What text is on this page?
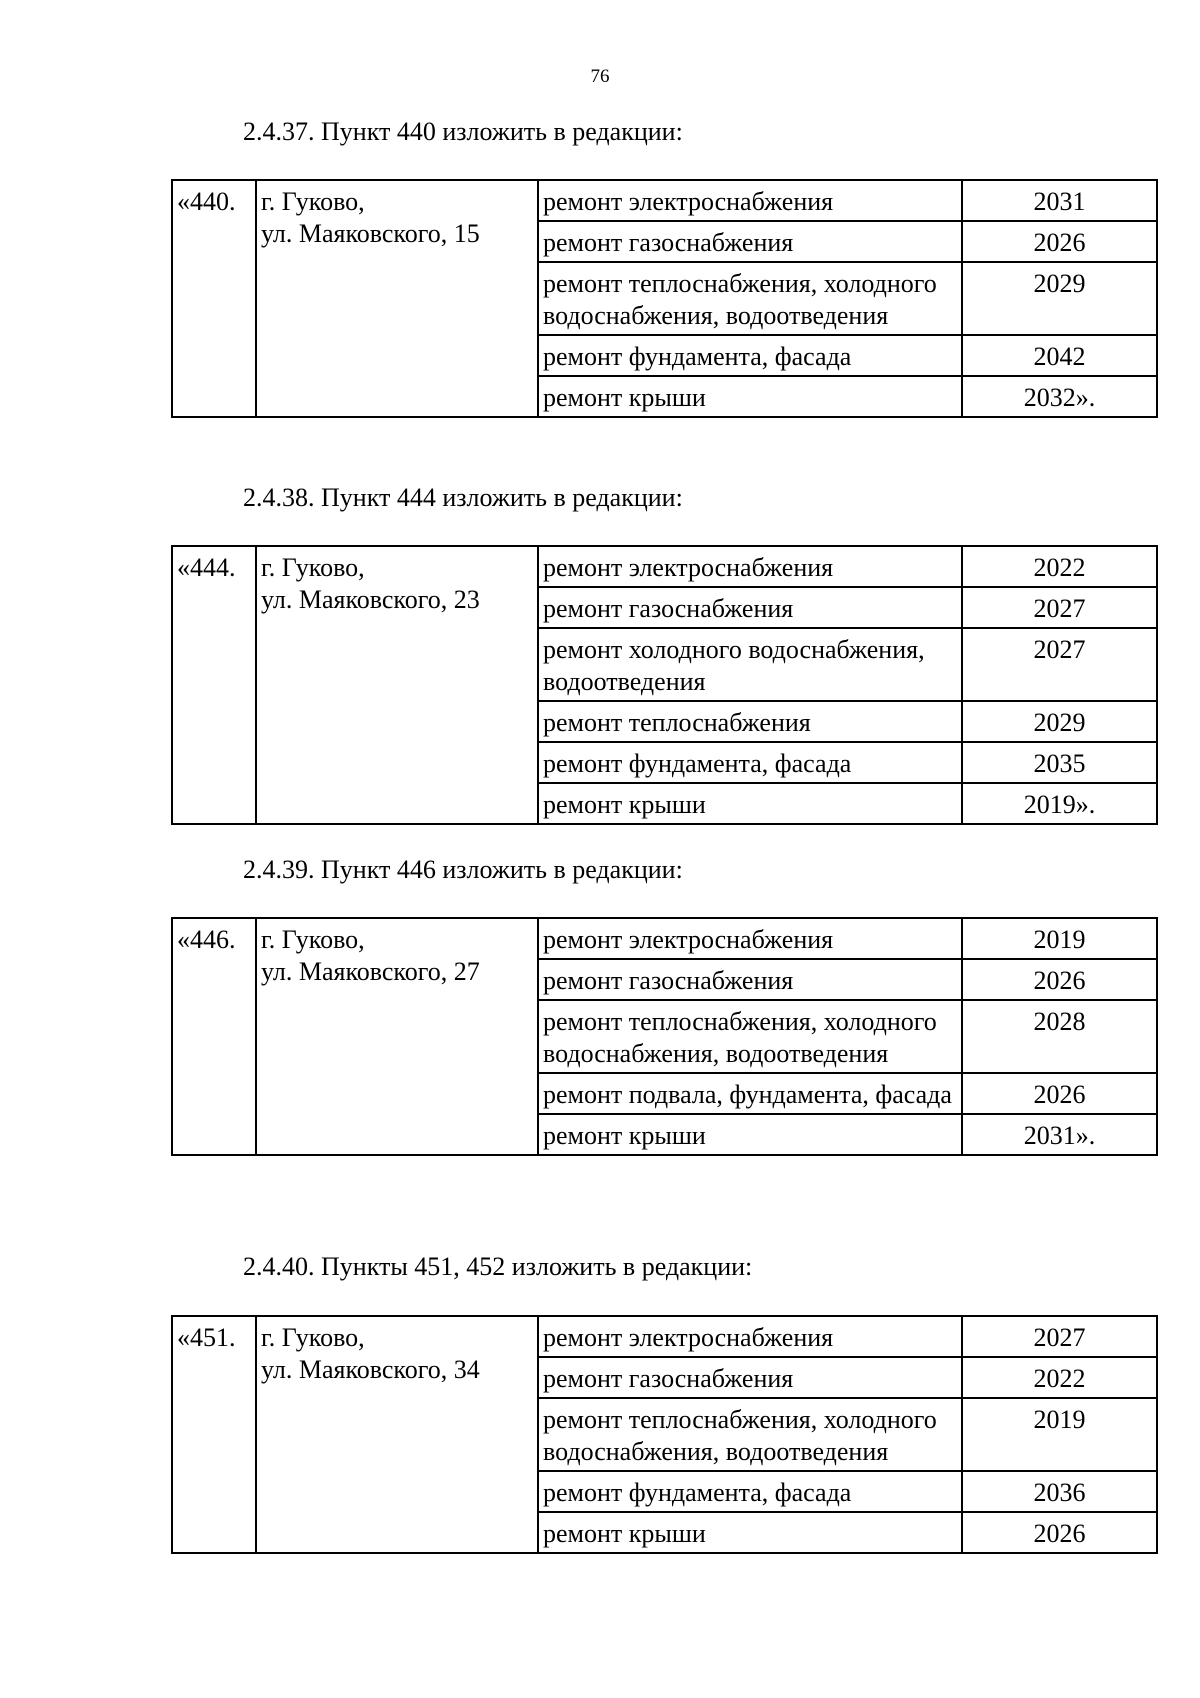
76
2.4.37. Пункт 440 изложить в редакции:
«440.	г. Гуково,
ул. Маяковского, 15	ремонт электроснабжения	2031
		ремонт газоснабжения	2026
		ремонт теплоснабжения, холодного водоснабжения, водоотведения	2029
		ремонт фундамента, фасада	2042
		ремонт крыши	2032».
2.4.38. Пункт 444 изложить в редакции:
«444.	г. Гуково,
ул. Маяковского, 23	ремонт электроснабжения	2022
		ремонт газоснабжения	2027
		ремонт холодного водоснабжения, водоотведения	2027
		ремонт теплоснабжения	2029
		ремонт фундамента, фасада	2035
		ремонт крыши	2019».
2.4.39. Пункт 446 изложить в редакции:
«446.	г. Гуково,
ул. Маяковского, 27	ремонт электроснабжения	2019
		ремонт газоснабжения	2026
		ремонт теплоснабжения, холодного водоснабжения, водоотведения	2028
		ремонт подвала, фундамента, фасада	2026
		ремонт крыши	2031».
2.4.40. Пункты 451, 452 изложить в редакции:
«451.	г. Гуково,
ул. Маяковского, 34	ремонт электроснабжения	2027
		ремонт газоснабжения	2022
		ремонт теплоснабжения, холодного водоснабжения, водоотведения	2019
		ремонт фундамента, фасада	2036
		ремонт крыши	2026
